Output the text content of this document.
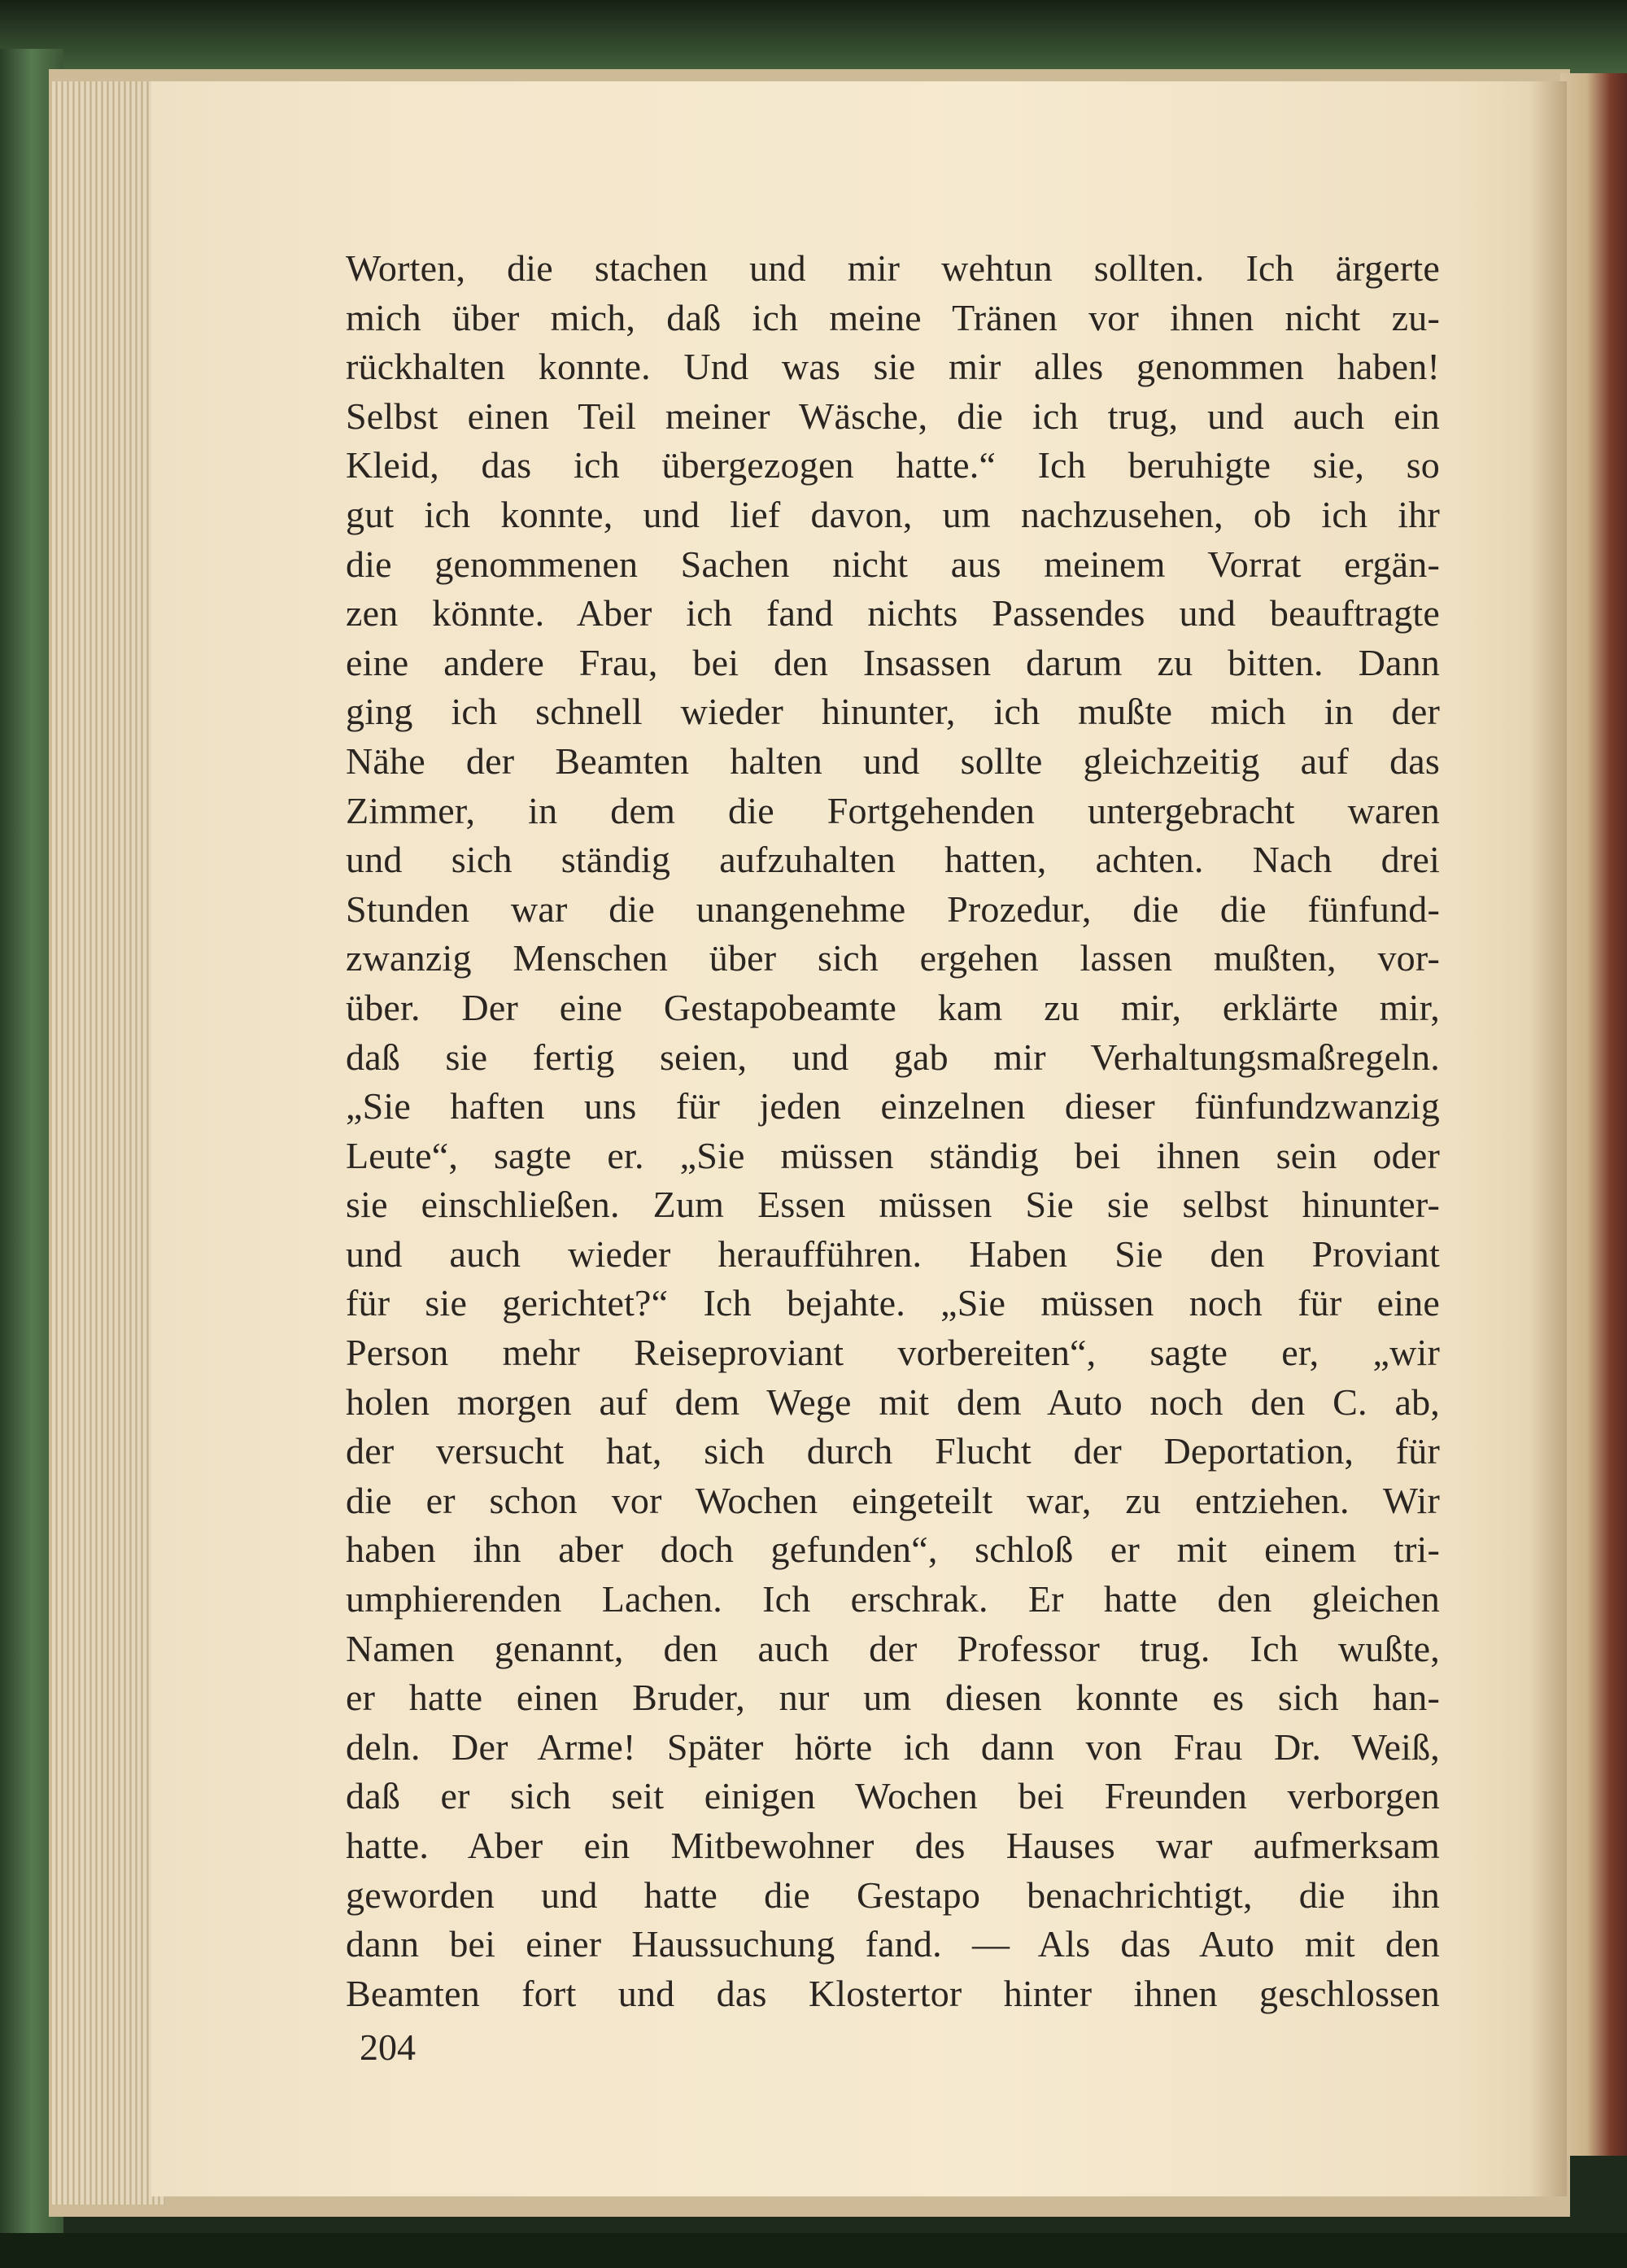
Worten, die stachen und mir wehtun sollten. Ich ärgerte
mich über mich, daß ich meine Tränen vor ihnen nicht zu-
rückhalten konnte. Und was sie mir alles genommen haben!
Selbst einen Teil meiner Wäsche, die ich trug, und auch ein
Kleid, das ich übergezogen hatte.“ Ich beruhigte sie, so
gut ich konnte, und lief davon, um nachzusehen, ob ich ihr
die genommenen Sachen nicht aus meinem Vorrat ergän-
zen könnte. Aber ich fand nichts Passendes und beauftragte
eine andere Frau, bei den Insassen darum zu bitten. Dann
ging ich schnell wieder hinunter, ich mußte mich in der
Nähe der Beamten halten und sollte gleichzeitig auf das
Zimmer, in dem die Fortgehenden untergebracht waren
und sich ständig aufzuhalten hatten, achten. Nach drei
Stunden war die unangenehme Prozedur, die die fünfund-
zwanzig Menschen über sich ergehen lassen mußten, vor-
über. Der eine Gestapobeamte kam zu mir, erklärte mir,
daß sie fertig seien, und gab mir Verhaltungsmaßregeln.
„Sie haften uns für jeden einzelnen dieser fünfundzwanzig
Leute“, sagte er. „Sie müssen ständig bei ihnen sein oder
sie einschließen. Zum Essen müssen Sie sie selbst hinunter-
und auch wieder heraufführen. Haben Sie den Proviant
für sie gerichtet?“ Ich bejahte. „Sie müssen noch für eine
Person mehr Reiseproviant vorbereiten“, sagte er, „wir
holen morgen auf dem Wege mit dem Auto noch den C. ab,
der versucht hat, sich durch Flucht der Deportation, für
die er schon vor Wochen eingeteilt war, zu entziehen. Wir
haben ihn aber doch gefunden“, schloß er mit einem tri-
umphierenden Lachen. Ich erschrak. Er hatte den gleichen
Namen genannt, den auch der Professor trug. Ich wußte,
er hatte einen Bruder, nur um diesen konnte es sich han-
deln. Der Arme! Später hörte ich dann von Frau Dr. Weiß,
daß er sich seit einigen Wochen bei Freunden verborgen
hatte. Aber ein Mitbewohner des Hauses war aufmerksam
geworden und hatte die Gestapo benachrichtigt, die ihn
dann bei einer Haussuchung fand. — Als das Auto mit den
Beamten fort und das Klostertor hinter ihnen geschlossen
204
